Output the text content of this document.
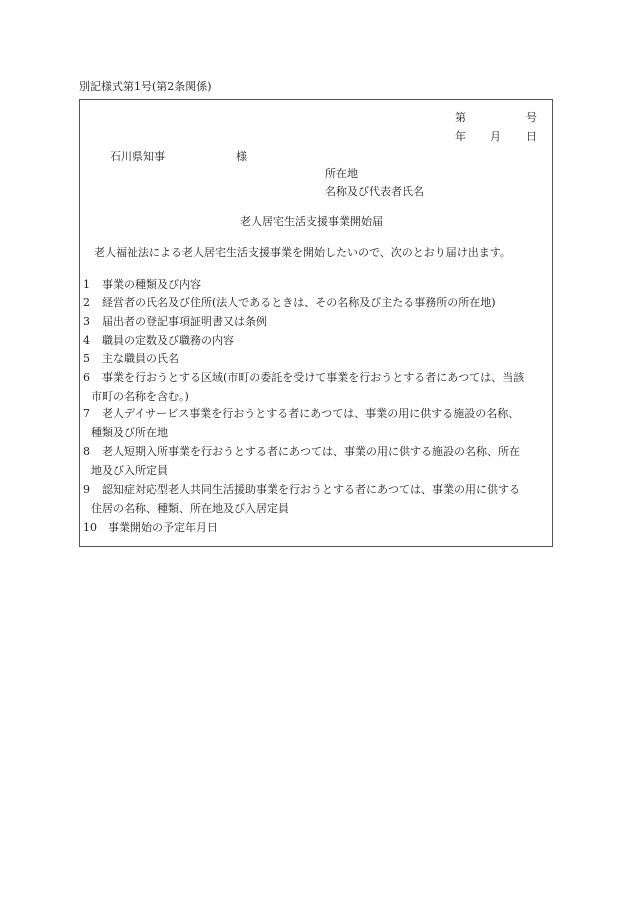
別記様式第1号(第2条関係)
第	号
年 月 日
石川県知事	様
所在地
名称及び代表者氏名
老人居宅生活支援事業開始届
老人福祉法による老人居宅生活支援事業を開始したいので、次のとおり届け出ます。
1 事業の種類及び内容
2 経営者の氏名及び住所(法人であるときは、その名称及び主たる事務所の所在地)
3 届出者の登記事項証明書又は条例
4 職員の定数及び職務の内容
5 主な職員の氏名
6 事業を行おうとする区域(市町の委託を受けて事業を行おうとする者にあつては、当該
市町の名称を含む。)
7 老人デイサービス事業を行おうとする者にあつては、事業の用に供する施設の名称、
種類及び所在地
8 老人短期入所事業を行おうとする者にあつては、事業の用に供する施設の名称、所在
地及び入所定員
9 認知症対応型老人共同生活援助事業を行おうとする者にあつては、事業の用に供する
住居の名称、種類、所在地及び入居定員
10 事業開始の予定年月日
